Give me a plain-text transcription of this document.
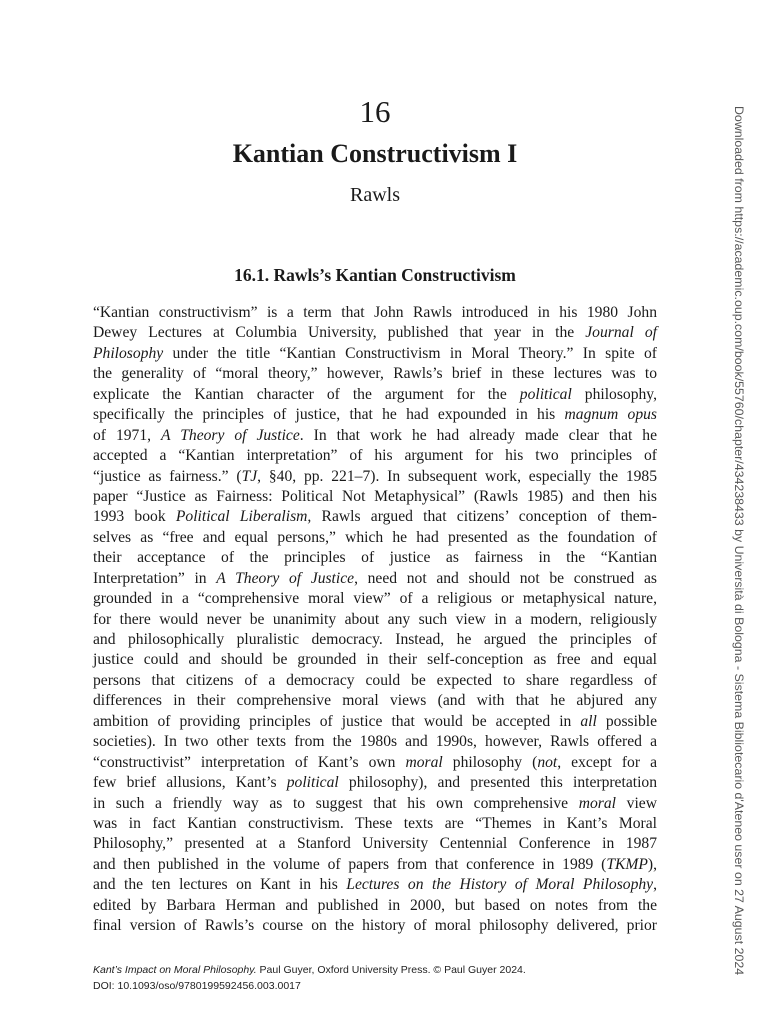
16
Kantian Constructivism I
Rawls
16.1. Rawls’s Kantian Constructivism
“Kantian constructivism” is a term that John Rawls introduced in his 1980 John
Dewey Lectures at Columbia University, published that year in the Journal of
Philosophy under the title “Kantian Constructivism in Moral Theory.” In spite of
the generality of “moral theory,” however, Rawls’s brief in these lectures was to
explicate the Kantian character of the argument for the political philosophy,
specifically the principles of justice, that he had expounded in his magnum opus
of 1971, A Theory of Justice. In that work he had already made clear that he
accepted a “Kantian interpretation” of his argument for his two principles of
“justice as fairness.” (TJ, §40, pp. 221–7). In subsequent work, especially the 1985
paper “Justice as Fairness: Political Not Metaphysical” (Rawls 1985) and then his
1993 book Political Liberalism, Rawls argued that citizens’ conception of them-
selves as “free and equal persons,” which he had presented as the foundation of
their acceptance of the principles of justice as fairness in the “Kantian
Interpretation” in A Theory of Justice, need not and should not be construed as
grounded in a “comprehensive moral view” of a religious or metaphysical nature,
for there would never be unanimity about any such view in a modern, religiously
and philosophically pluralistic democracy. Instead, he argued the principles of
justice could and should be grounded in their self-conception as free and equal
persons that citizens of a democracy could be expected to share regardless of
differences in their comprehensive moral views (and with that he abjured any
ambition of providing principles of justice that would be accepted in all possible
societies). In two other texts from the 1980s and 1990s, however, Rawls offered a
“constructivist” interpretation of Kant’s own moral philosophy (not, except for a
few brief allusions, Kant’s political philosophy), and presented this interpretation
in such a friendly way as to suggest that his own comprehensive moral view
was in fact Kantian constructivism. These texts are “Themes in Kant’s Moral
Philosophy,” presented at a Stanford University Centennial Conference in 1987
and then published in the volume of papers from that conference in 1989 (TKMP),
and the ten lectures on Kant in his Lectures on the History of Moral Philosophy,
edited by Barbara Herman and published in 2000, but based on notes from the
final version of Rawls’s course on the history of moral philosophy delivered, prior
Kant’s Impact on Moral Philosophy. Paul Guyer, Oxford University Press. © Paul Guyer 2024.
DOI: 10.1093/oso/9780199592456.003.0017
Downloaded from https://academic.oup.com/book/55760/chapter/434238433 by Università di Bologna - Sistema Bibliotecario d'Ateneo user on 27 August 2024
